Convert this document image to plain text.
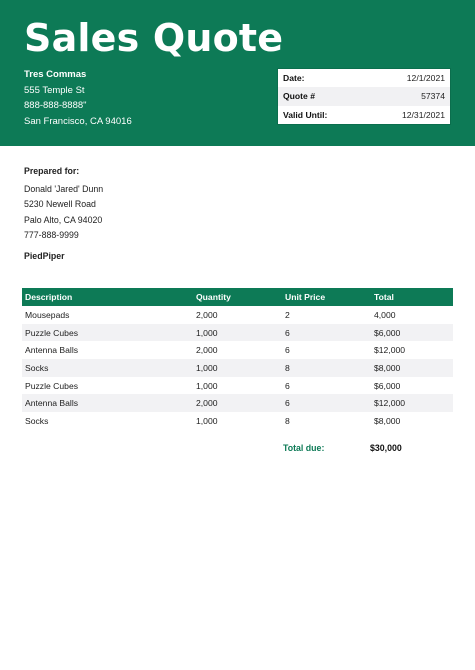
Sales Quote
Tres Commas
555 Temple St
888-888-8888"
San Francisco, CA 94016
Date:	12/1/2021
Quote #	57374
Valid Until:	12/31/2021
Prepared for:
Donald 'Jared' Dunn
5230 Newell Road
Palo Alto, CA 94020
777-888-9999
PiedPiper
Description	Quantity	Unit Price	Total
Mousepads	2,000	2	4,000
Puzzle Cubes	1,000	6	$6,000
Antenna Balls	2,000	6	$12,000
Socks	1,000	8	$8,000
Puzzle Cubes	1,000	6	$6,000
Antenna Balls	2,000	6	$12,000
Socks	1,000	8	$8,000
Total due:	$30,000
